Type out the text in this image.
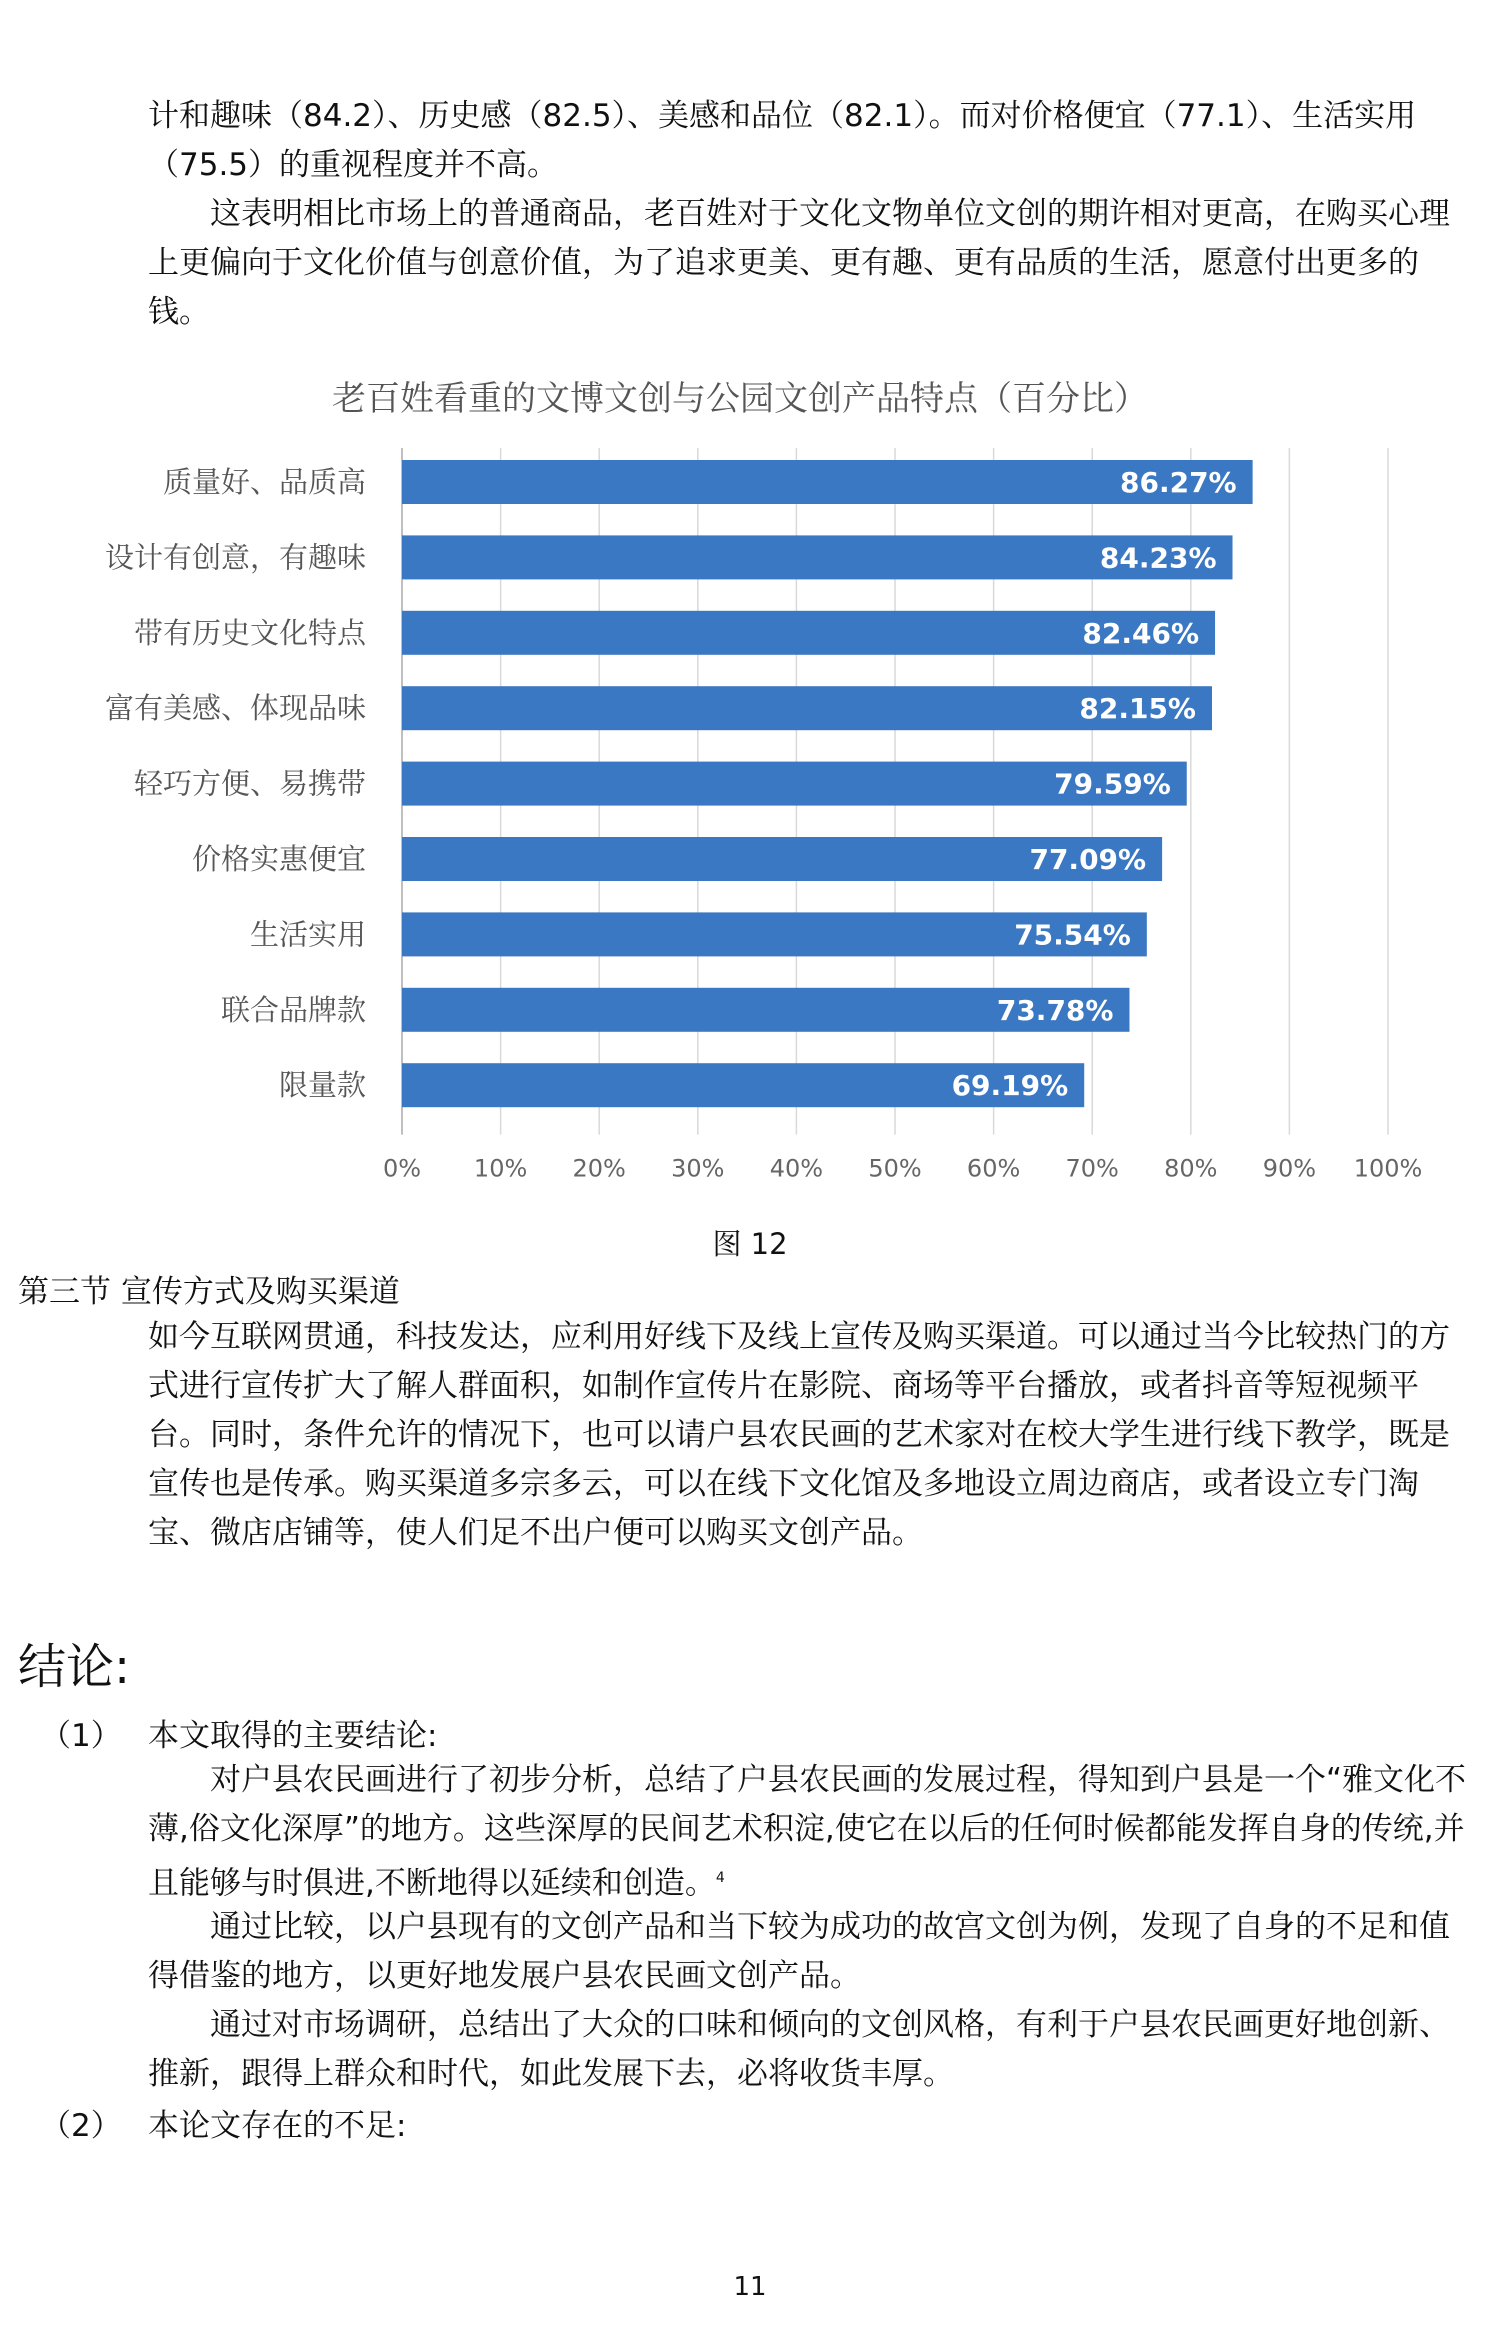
计和趣味（84.2）、历史感（82.5）、美感和品位（82.1）。而对价格便宜（77.1）、生活实用（75.5）的重视程度并不高。

这表明相比市场上的普通商品，老百姓对于文化文物单位文创的期许相对更高，在购买心理上更偏向于文化价值与创意价值，为了追求更美、更有趣、更有品质的生活，愿意付出更多的钱。

老百姓看重的文博文创与公园文创产品特点（百分比）
86.27%
质量好、品质高
84.23%
设计有创意，有趣味
82.46%
带有历史文化特点
82.15%
富有美感、体现品味
79.59%
轻巧方便、易携带
77.09%
价格实惠便宜
75.54%
生活实用
73.78%
联合品牌款
69.19%
限量款
0% 10% 20% 30% 40% 50% 60% 70% 80% 90% 100%
图 12
第三节 宣传方式及购买渠道

如今互联网贯通，科技发达，应利用好线下及线上宣传及购买渠道。可以通过当今比较热门的方式进行宣传扩大了解人群面积，如制作宣传片在影院、商场等平台播放，或者抖音等短视频平台。同时，条件允许的情况下，也可以请户县农民画的艺术家对在校大学生进行线下教学，既是宣传也是传承。购买渠道多宗多云，可以在线下文化馆及多地设立周边商店，或者设立专门淘宝、微店店铺等，使人们足不出户便可以购买文创产品。

结论:
（1） 本文取得的主要结论:

对户县农民画进行了初步分析，总结了户县农民画的发展过程，得知到户县是一个“雅文化不薄,俗文化深厚”的地方。这些深厚的民间艺术积淀,使它在以后的任何时候都能发挥自身的传统,并且能够与时俱进,不断地得以延续和创造。$^4$

通过比较，以户县现有的文创产品和当下较为成功的故宫文创为例，发现了自身的不足和值得借鉴的地方，以更好地发展户县农民画文创产品。

通过对市场调研，总结出了大众的口味和倾向的文创风格，有利于户县农民画更好地创新、推新，跟得上群众和时代，如此发展下去，必将收货丰厚。

（2） 本论文存在的不足:
11
